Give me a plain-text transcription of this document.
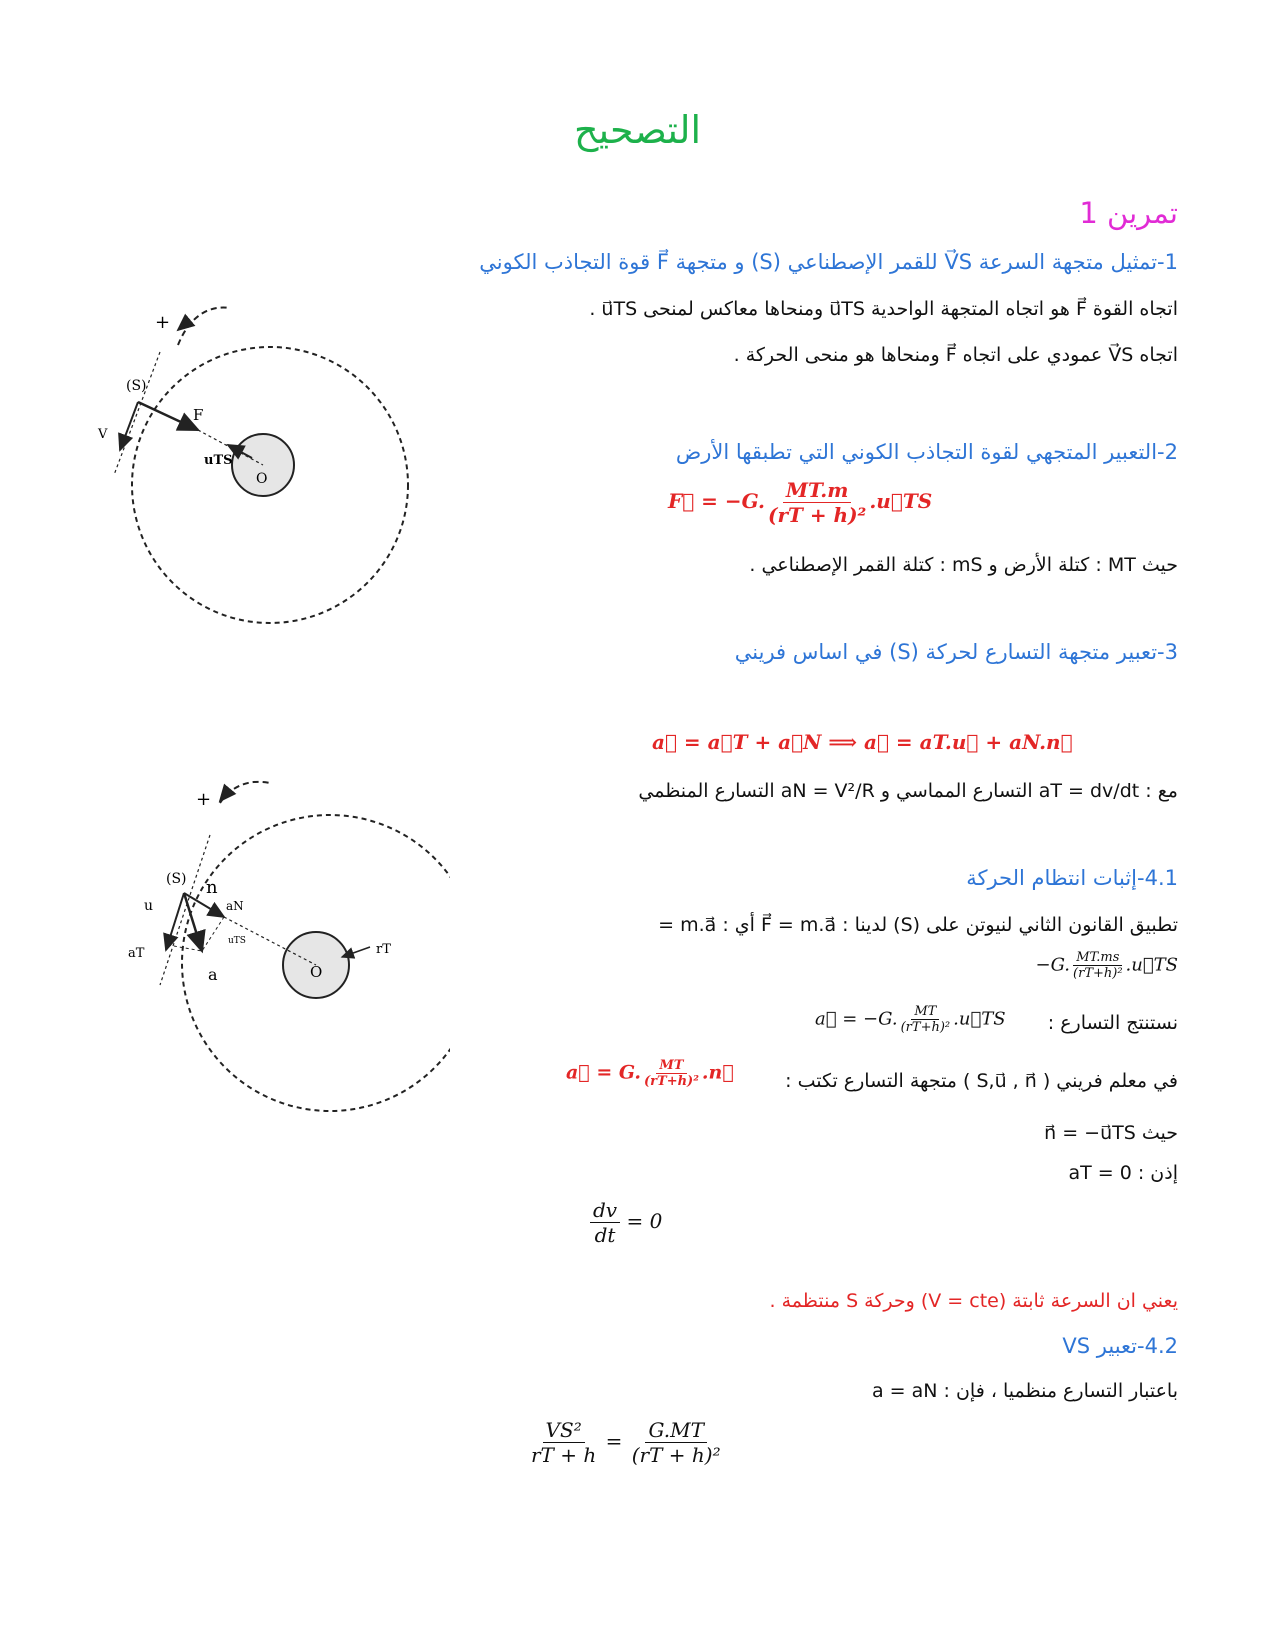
التصحيح
تمرين 1
1-تمثيل متجهة السرعة V⃗S للقمر الإصطناعي (S) و متجهة F⃗ قوة التجاذب الكوني
اتجاه القوة F⃗ هو اتجاه المتجهة الواحدية u⃗TS ومنحاها معاكس لمنحى u⃗TS .
اتجاه V⃗S عمودي على اتجاه F⃗ ومنحاها هو منحى الحركة .
2-التعبير المتجهي لقوة التجاذب الكوني التي تطبقها الأرض
F⃗ = −G. $\frac{MT.m}{\text{(rT + h)²}}$ .u⃗TS
حيث MT : كتلة الأرض و mS : كتلة القمر الإصطناعي .
3-تعبير متجهة التسارع لحركة (S) في اساس فريني
a⃗ = a⃗T + a⃗N ⟹ a⃗ = aT.u⃗ + aN.n⃗
مع : aT = dv/dt التسارع المماسي و aN = V²/R التسارع المنظمي
4.1-إثبات انتظام الحركة
تطبيق القانون الثاني لنيوتن على (S) لدينا : F⃗ = m.a⃗ أي : m.a⃗ =
−G. $\frac{MT.ms}{\text{(rT+h)²}}$ .u⃗TS
نستنتج التسارع :
a⃗ = −G. $\frac{MT}{\text{(rT+h)²}}$ .u⃗TS
في معلم فريني ( S,u⃗ , n⃗ ) متجهة التسارع تكتب :
a⃗ = G. $\frac{MT}{\text{(rT+h)²}}$ .n⃗
حيث n⃗ = −u⃗TS
إذن : aT = 0
$\frac{dv}{dt} = 0$
يعني ان السرعة ثابتة (V = cte) وحركة S منتظمة .
4.2-تعبير VS
باعتبار التسارع منظميا ، فإن : a = aN
$\frac{\text{VS²}}{rT + h} = \frac{G.MT}{\text{(rT + h)²}}$
+
(S)
V
F
uTS
O
+
(S) n
aN
u
uTS
aT
a	O
rT
